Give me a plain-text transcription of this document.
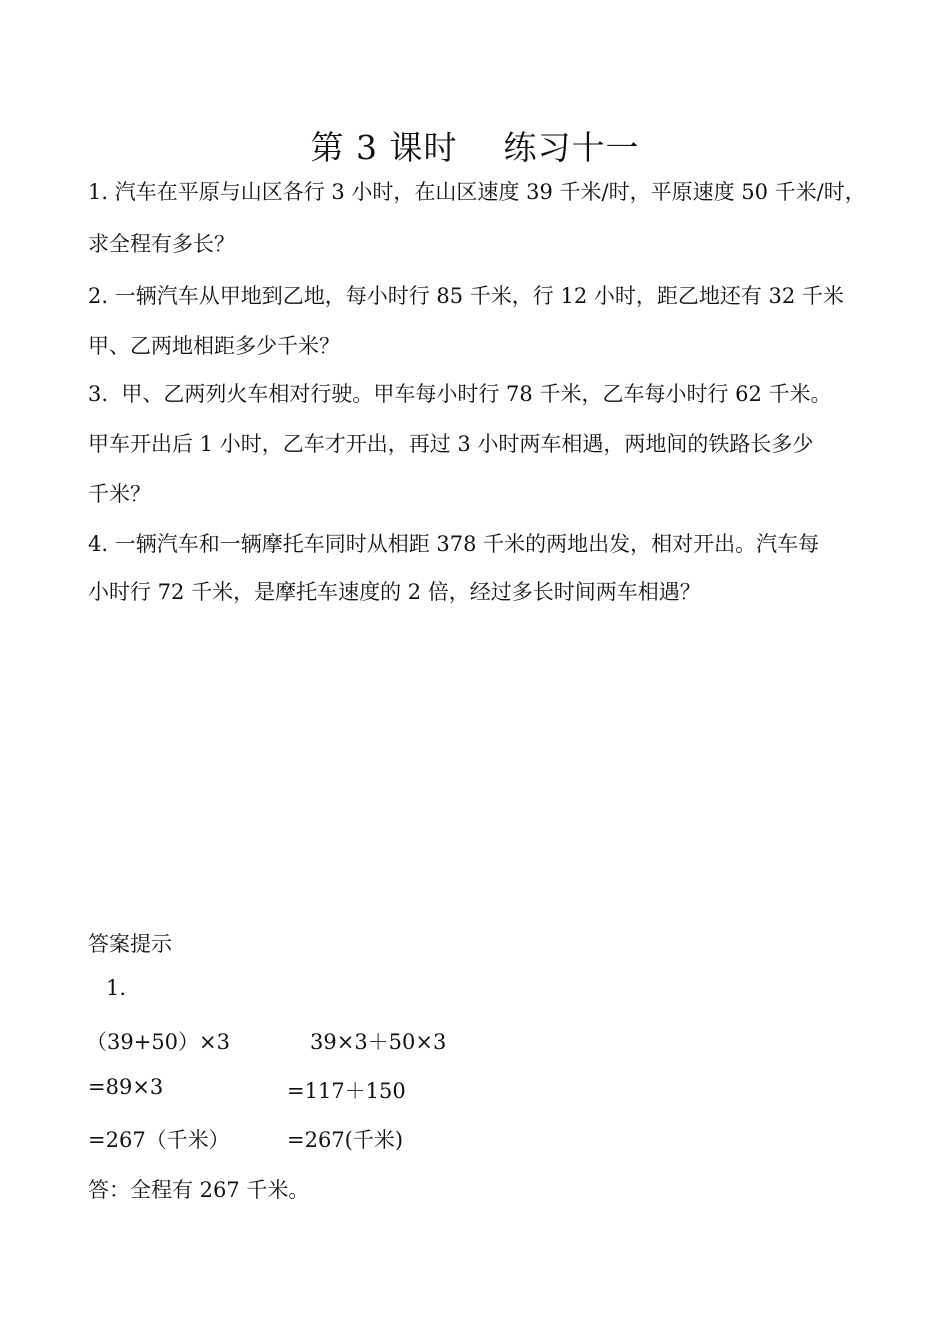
第 3 课时    练习十一
1. 汽车在平原与山区各行 3 小时，在山区速度 39 千米/时，平原速度 50 千米/时，
求全程有多长？
2. 一辆汽车从甲地到乙地，每小时行 85 千米，行 12 小时，距乙地还有 32 千米
甲、乙两地相距多少千米？
3.  甲、乙两列火车相对行驶。甲车每小时行 78 千米，乙车每小时行 62 千米。
甲车开出后 1 小时，乙车才开出，再过 3 小时两车相遇，两地间的铁路长多少
千米？
4. 一辆汽车和一辆摩托车同时从相距 378 千米的两地出发，相对开出。汽车每
小时行 72 千米，是摩托车速度的 2 倍，经过多长时间两车相遇？
答案提示
1.
（39+50）×3
=89×3
=267（千米）
39×3＋50×3
=117＋150
=267(千米)
答：全程有 267 千米。
